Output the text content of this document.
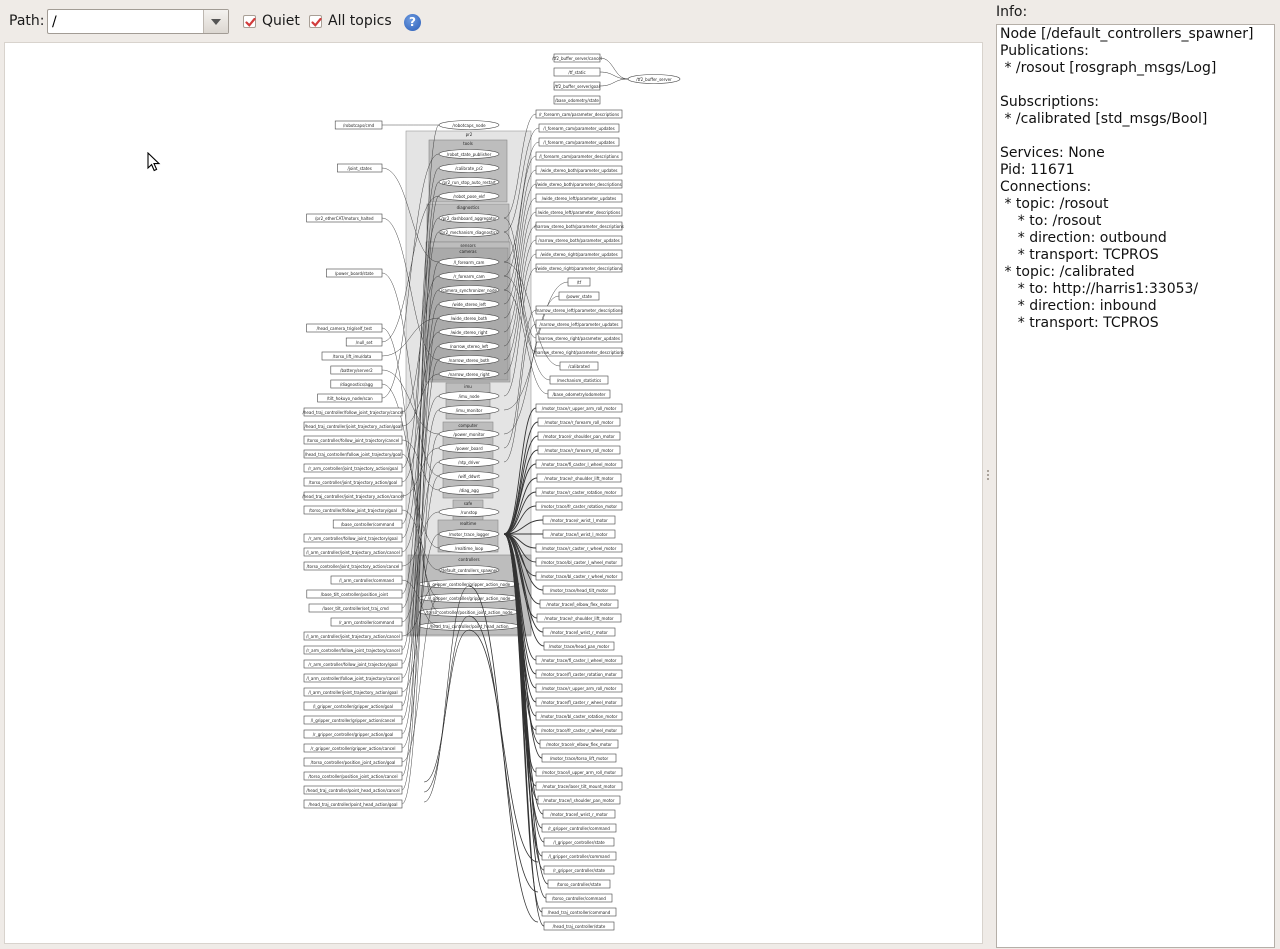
Path:
/	Quiet All topics	?
tools
diagnostics
sensors
imu
computer
safe
realtime
cameras
pr2
controllers
/robotcaps_node
/robot_state_publisher
/calibrate_pr2
/pr2_run_stop_auto_restart
/robot_pose_ekf
/pr2_dashboard_aggregator
/pr2_mechanism_diagnostics
/l_forearm_cam
/r_forearm_cam
/camera_synchronizer_node
/wide_stereo_left
/wide_stereo_both
/wide_stereo_right
/narrow_stereo_left
/narrow_stereo_both
/narrow_stereo_right
/imu_node
/imu_monitor
/power_monitor
/power_board
/ntp_driver
/wifi_ddwrt
/diag_agg
/runstop
/motor_trace_logger
/realtime_loop
/default_controllers_spawner
/l_gripper_controller/gripper_action_node
/r_gripper_controller/gripper_action_node
/torso_controller/position_joint_action_node
/head_traj_controller/point_head_action
/tf2_buffer_server
/tf2_buffer_server/cancel
/tf_static
/tf2_buffer_server/goal
/base_odometry/state
/robotcaps/cmd
/joint_states
/pr2_etherCAT/motors_halted
/power_board/state
/head_camera_trig/self_test
/null_set
/torso_lift_imu/data
/battery/server2
/diagnostics/agg
/tilt_hokuyo_node/scan
/head_traj_controller/follow_joint_trajectory/cancel
/head_traj_controller/joint_trajectory_action/goal
/torso_controller/follow_joint_trajectory/cancel
/head_traj_controller/follow_joint_trajectory/goal
/r_arm_controller/joint_trajectory_action/goal
/torso_controller/joint_trajectory_action/goal
/head_traj_controller/joint_trajectory_action/cancel
/torso_controller/follow_joint_trajectory/goal
/base_controller/command
/r_arm_controller/follow_joint_trajectory/goal
/l_arm_controller/joint_trajectory_action/cancel
/torso_controller/joint_trajectory_action/cancel
/l_arm_controller/command
/base_tilt_controller/position_joint
/laser_tilt_controller/set_traj_cmd
/r_arm_controller/command
/l_arm_controller/joint_trajectory_action/cancel
/r_arm_controller/follow_joint_trajectory/cancel
/r_arm_controller/follow_joint_trajectory/goal
/l_arm_controller/follow_joint_trajectory/cancel
/l_arm_controller/joint_trajectory_action/goal
/l_gripper_controller/gripper_action/goal
/l_gripper_controller/gripper_action/cancel
/r_gripper_controller/gripper_action/goal
/r_gripper_controller/gripper_action/cancel
/torso_controller/position_joint_action/goal
/torso_controller/position_joint_action/cancel
/head_traj_controller/point_head_action/cancel
/head_traj_controller/point_head_action/goal
/r_forearm_cam/parameter_descriptions
/l_forearm_cam/parameter_updates
/l_forearm_cam/parameter_updates
/l_forearm_cam/parameter_descriptions
/wide_stereo_both/parameter_updates
/wide_stereo_both/parameter_descriptions
/wide_stereo_left/parameter_updates
/wide_stereo_left/parameter_descriptions
/narrow_stereo_both/parameter_descriptions
/narrow_stereo_both/parameter_updates
/wide_stereo_right/parameter_updates
/wide_stereo_right/parameter_descriptions
/tf
/power_state
/narrow_stereo_left/parameter_descriptions
/narrow_stereo_left/parameter_updates
/narrow_stereo_right/parameter_updates
/narrow_stereo_right/parameter_descriptions
/calibrated
/mechanism_statistics
/base_odometry/odometer
/motor_trace/r_upper_arm_roll_motor
/motor_trace/r_forearm_roll_motor
/motor_trace/r_shoulder_pan_motor
/motor_trace/r_forearm_roll_motor
/motor_trace/fl_caster_l_wheel_motor
/motor_trace/r_shoulder_lift_motor
/motor_trace/r_caster_rotation_motor
/motor_trace/fr_caster_rotation_motor
/motor_trace/r_wrist_l_motor
/motor_trace/l_wrist_l_motor
/motor_trace/r_caster_r_wheel_motor
/motor_trace/bl_caster_l_wheel_motor
/motor_trace/bl_caster_r_wheel_motor
/motor_trace/head_tilt_motor
/motor_trace/l_elbow_flex_motor
/motor_trace/r_shoulder_lift_motor
/motor_trace/l_wrist_r_motor
/motor_trace/head_pan_motor
/motor_trace/fl_caster_l_wheel_motor
/motor_trace/fl_caster_rotation_motor
/motor_trace/r_upper_arm_roll_motor
/motor_trace/fl_caster_r_wheel_motor
/motor_trace/bl_caster_rotation_motor
/motor_trace/fr_caster_r_wheel_motor
/motor_trace/r_elbow_flex_motor
/motor_trace/torso_lift_motor
/motor_trace/l_upper_arm_roll_motor
/motor_trace/laser_tilt_mount_motor
/motor_trace/l_shoulder_pan_motor
/motor_trace/l_wrist_r_motor
/r_gripper_controller/command
/l_gripper_controller/state
/l_gripper_controller/command
/r_gripper_controller/state
/torso_controller/state
/torso_controller/command
/head_traj_controller/command
/head_traj_controller/state
Info:
Node [/default_controllers_spawner]
Publications:
* /rosout [rosgraph_msgs/Log]

Subscriptions:
* /calibrated [std_msgs/Bool]

Services: None
Pid: 11671
Connections:
* topic: /rosout
* to: /rosout
* direction: outbound
* transport: TCPROS
* topic: /calibrated
* to: http://harris1:33053/
* direction: inbound
* transport: TCPROS
